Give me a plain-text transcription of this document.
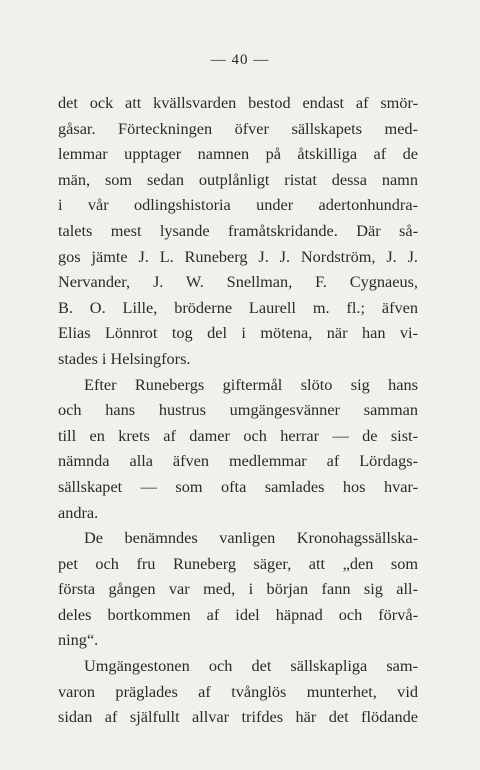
— 40 —
det ock att kvällsvarden bestod endast af smör-
gåsar. Förteckningen öfver sällskapets med-
lemmar upptager namnen på åtskilliga af de
män, som sedan outplånligt ristat dessa namn
i vår odlingshistoria under adertonhundra-
talets mest lysande framåtskridande. Där så-
gos jämte J. L. Runeberg J. J. Nordström, J. J.
Nervander, J. W. Snellman, F. Cygnaeus,
B. O. Lille, bröderne Laurell m. fl.; äfven
Elias Lönnrot tog del i mötena, när han vi-
stades i Helsingfors.
Efter Runebergs giftermål slöto sig hans
och hans hustrus umgängesvänner samman
till en krets af damer och herrar — de sist-
nämnda alla äfven medlemmar af Lördags-
sällskapet — som ofta samlades hos hvar-
andra.
De benämndes vanligen Kronohagssällska-
pet och fru Runeberg säger, att „den som
första gången var med, i början fann sig all-
deles bortkommen af idel häpnad och förvå-
ning“.
Umgängestonen och det sällskapliga sam-
varon präglades af tvånglös munterhet, vid
sidan af själfullt allvar trifdes här det flödande
